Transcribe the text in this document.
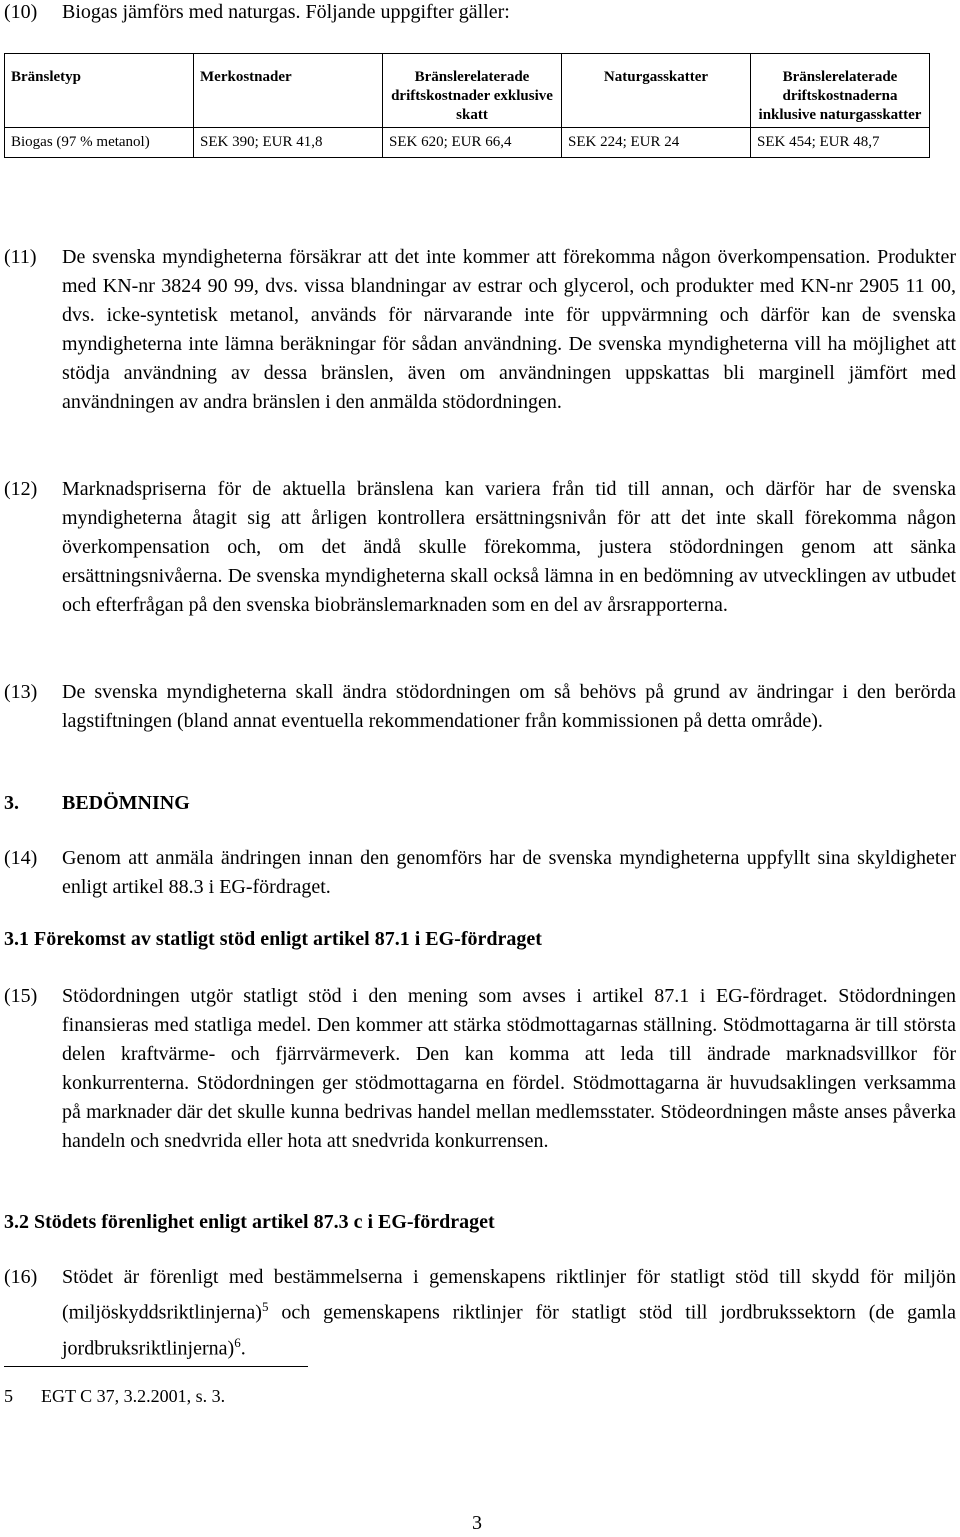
(10)	Biogas jämförs med naturgas. Följande uppgifter gäller:
Bränsletyp	Merkostnader	Bränslerelaterade driftskostnader exklusive skatt	Naturgasskatter	Bränslerelaterade driftskostnaderna inklusive naturgasskatter
Biogas (97 % metanol)	SEK 390; EUR 41,8	SEK 620; EUR 66,4	SEK 224; EUR 24	SEK 454; EUR 48,7
(11)	De svenska myndigheterna försäkrar att det inte kommer att förekomma någon överkompensation. Produkter med KN-nr 3824 90 99, dvs. vissa blandningar av estrar och glycerol, och produkter med KN-nr 2905 11 00, dvs. icke-syntetisk metanol, används för närvarande inte för uppvärmning och därför kan de svenska myndigheterna inte lämna beräkningar för sådan användning. De svenska myndigheterna vill ha möjlighet att stödja användning av dessa bränslen, även om användningen uppskattas bli marginell jämfört med användningen av andra bränslen i den anmälda stödordningen.
(12)	Marknadspriserna för de aktuella bränslena kan variera från tid till annan, och därför har de svenska myndigheterna åtagit sig att årligen kontrollera ersättningsnivån för att det inte skall förekomma någon överkompensation och, om det ändå skulle förekomma, justera stödordningen genom att sänka ersättningsnivåerna. De svenska myndigheterna skall också lämna in en bedömning av utvecklingen av utbudet och efterfrågan på den svenska biobränslemarknaden som en del av årsrapporterna.
(13)	De svenska myndigheterna skall ändra stödordningen om så behövs på grund av ändringar i den berörda lagstiftningen (bland annat eventuella rekommendationer från kommissionen på detta område).
3.	BEDÖMNING
(14)	Genom att anmäla ändringen innan den genomförs har de svenska myndigheterna uppfyllt sina skyldigheter enligt artikel 88.3 i EG-fördraget.
3.1 Förekomst av statligt stöd enligt artikel 87.1 i EG-fördraget
(15)	Stödordningen utgör statligt stöd i den mening som avses i artikel 87.1 i EG-fördraget. Stödordningen finansieras med statliga medel. Den kommer att stärka stödmottagarnas ställning. Stödmottagarna är till största delen kraftvärme- och fjärrvärmeverk. Den kan komma att leda till ändrade marknadsvillkor för konkurrenterna. Stödordningen ger stödmottagarna en fördel. Stödmottagarna är huvudsaklingen verksamma på marknader där det skulle kunna bedrivas handel mellan medlemsstater. Stödeordningen måste anses påverka handeln och snedvrida eller hota att snedvrida konkurrensen.
3.2 Stödets förenlighet enligt artikel 87.3 c i EG-fördraget
(16)	Stödet är förenligt med bestämmelserna i gemenskapens riktlinjer för statligt stöd till skydd för miljön (miljöskyddsriktlinjerna)$^5$ och gemenskapens riktlinjer för statligt stöd till jordbrukssektorn (de gamla jordbruksriktlinjerna)$^6$.
5	EGT C 37, 3.2.2001, s. 3.
3
